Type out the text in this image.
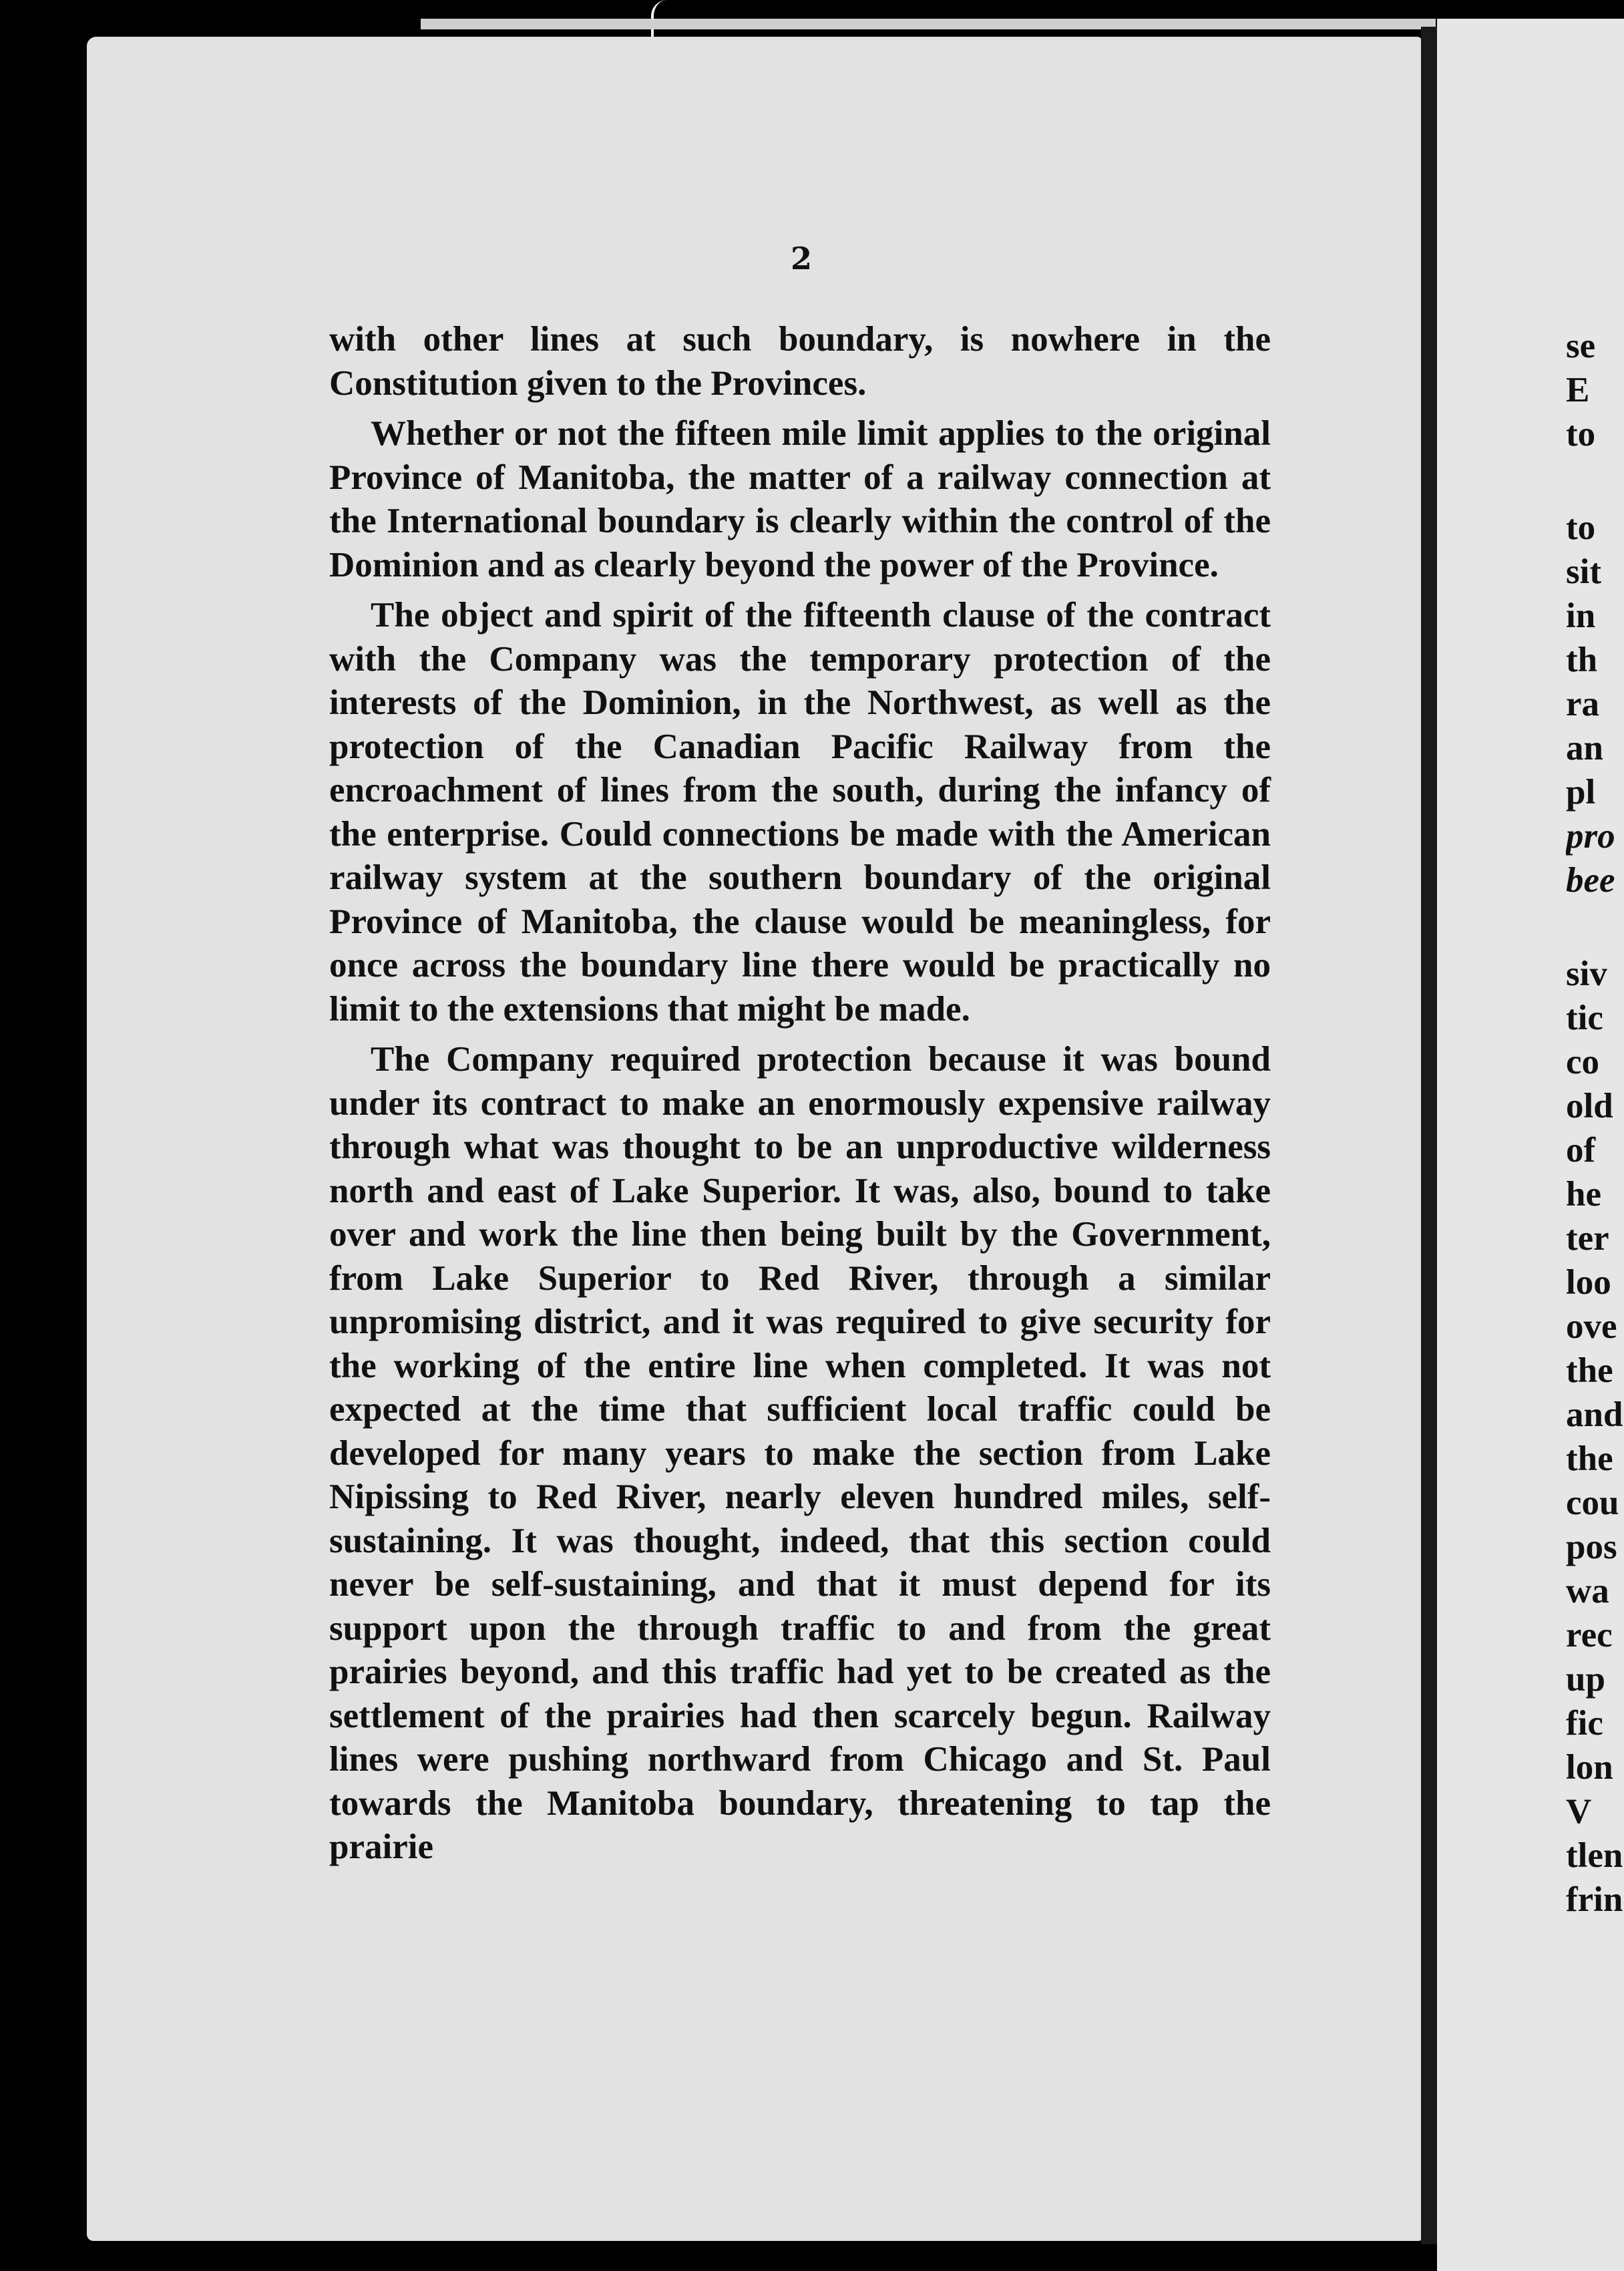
2

with other lines at such boundary, is nowhere in the Constitution given to the Provinces.

Whether or not the fifteen mile limit applies to the original Province of Manitoba, the matter of a railway connection at the International boundary is clearly within the control of the Dominion and as clearly beyond the power of the Province.

The object and spirit of the fifteenth clause of the contract with the Company was the temporary protection of the interests of the Dominion, in the Northwest, as well as the protection of the Canadian Pacific Railway from the encroachment of lines from the south, during the infancy of the enterprise. Could connections be made with the American railway system at the southern boundary of the original Province of Manitoba, the clause would be meaningless, for once across the boundary line there would be practically no limit to the extensions that might be made.

The Company required protection because it was bound under its contract to make an enormously expensive railway through what was thought to be an unproductive wilderness north and east of Lake Superior. It was, also, bound to take over and work the line then being built by the Government, from Lake Superior to Red River, through a similar unpromising district, and it was required to give security for the working of the entire line when completed. It was not expected at the time that sufficient local traffic could be developed for many years to make the section from Lake Nipissing to Red River, nearly eleven hundred miles, self-sustaining. It was thought, indeed, that this section could never be self-sustaining, and that it must depend for its support upon the through traffic to and from the great prairies beyond, and this traffic had yet to be created as the settlement of the prairies had then scarcely begun. Railway lines were pushing northward from Chicago and St. Paul towards the Manitoba boundary, threatening to tap the prairie

se
E
to
to
sit
in
th
ra
an
pl
pro
bee
siv
tic
co
old
of
he
ter
loo
ove
the
and
the
cou
pos
wa
rec
up
fic
lon
V
tlen
frin
